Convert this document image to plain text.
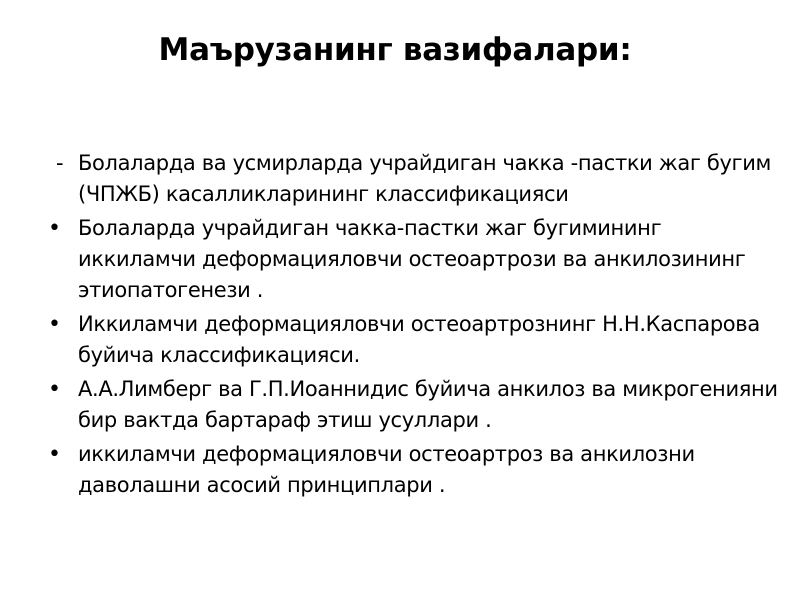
Маърузанинг вазифалари:
- Болаларда ва усмирларда учрайдиган чакка -пастки жаг бугим (ЧПЖБ) касалликларининг классификацияси
• Болаларда учрайдиган чакка-пастки жаг бугимининг иккиламчи деформацияловчи остеоартрози ва анкилозининг этиопатогенези .
• Иккиламчи деформацияловчи остеоартрознинг Н.Н.Каспарова буйича классификацияси.
• А.А.Лимберг ва Г.П.Иоаннидис буйича анкилоз ва микрогенияни бир вактда бартараф этиш усуллари .
• иккиламчи деформацияловчи остеоартроз ва анкилозни даволашни асосий принциплари .
